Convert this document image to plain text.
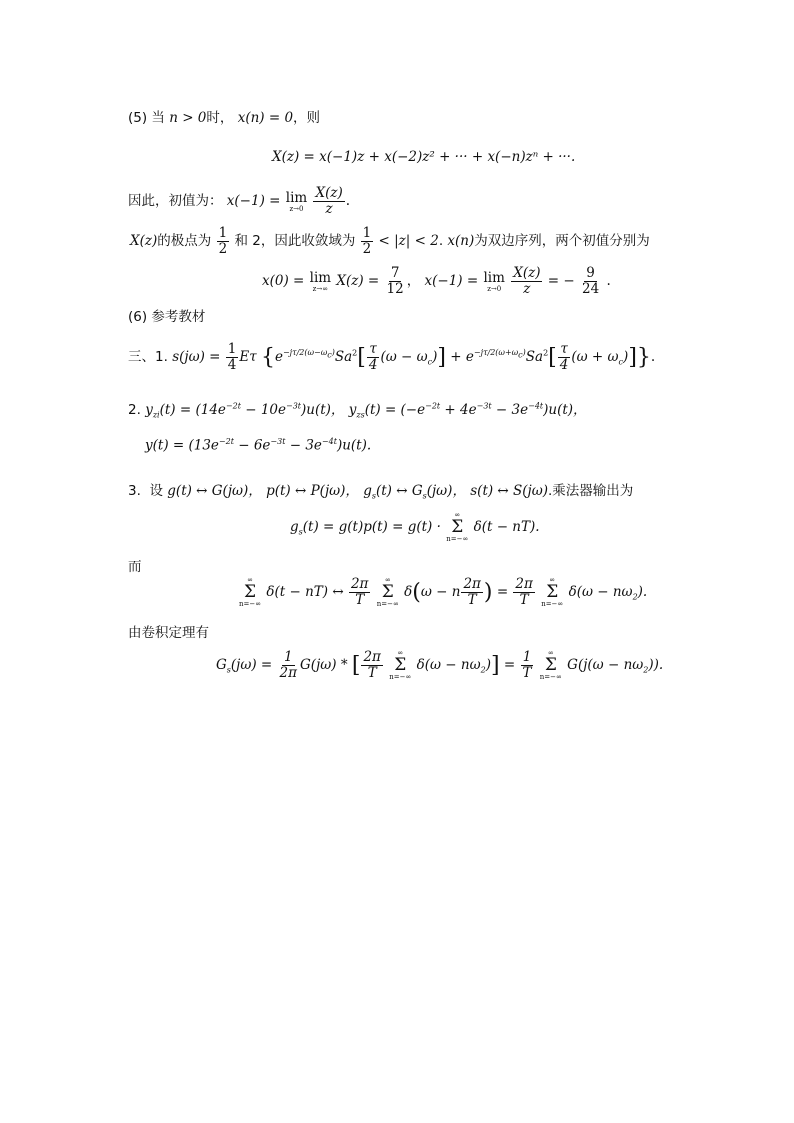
(5) 当 n > 0时， x(n) = 0，则
X(z) = x(−1)z + x(−2)z² + ··· + x(−n)zⁿ + ···.
因此，初值为： x(−1) = lim
z→0
$\frac{X(z)}{z}$ .
X(z)的极点为 $\frac{1}{2}$ 和 2，因此收敛域为 $\frac{1}{2} < |z| < 2$. x(n)为双边序列，两个初值分别为
x(0) = lim
z→∞ $X(z) = \frac{7}{12}$ ， x(−1) = lim
z→0
$\frac{X(z)}{z}$ = − $\frac{9}{24}$ .
(6) 参考教材
三、1. $s(j\omega) = \frac{1}{4}$ Eτ $\{e^{-j\tau/2(\omega-\omega_c)}Sa^2[ \frac{\tau}{4} (\omega - \omega_c)] + e^{-j\tau/2(\omega+\omega_c)}Sa^2[ \frac{\tau}{4} (\omega + \omega_c)]\}$.
2. $y_{zi}(t) = (14e^{-2t} - 10e^{-3t})u(t)$， $y_{zs}(t) = (-e^{-2t} + 4e^{-3t} - 3e^{-4t})u(t)$，
$y(t) = (13e^{-2t} - 6e^{-3t} - 3e^{-4t})u(t)$.
3. 设 g(t) ↔ G(jω)， p(t) ↔ P(jω)， $g_s(t)$ ↔ $G_s(j\omega)$， s(t) ↔ S(jω).乘法器输出为
$g_s(t) = g(t)p(t) = g(t)$ ·
∞
Σ
n=−∞
δ(t − nT).
而
∞
Σ
n=−∞
δ(t − nT) ↔ $\frac{2\pi}{T}$
∞
Σ
n=−∞
δ(ω − n $\frac{2\pi}{T}$ ) = $\frac{2\pi}{T}$
∞
Σ
n=−∞
$\delta(\omega - n\omega_2)$.
由卷积定理有
$G_s(j\omega) = \frac{1}{2\pi} G(j\omega)$ * [ $\frac{2\pi}{T}$
∞
Σ
n=−∞
$\delta(\omega - n\omega_2)] = \frac{1}{T}$
∞
Σ
n=−∞
$G(j(\omega - n\omega_2))$.
